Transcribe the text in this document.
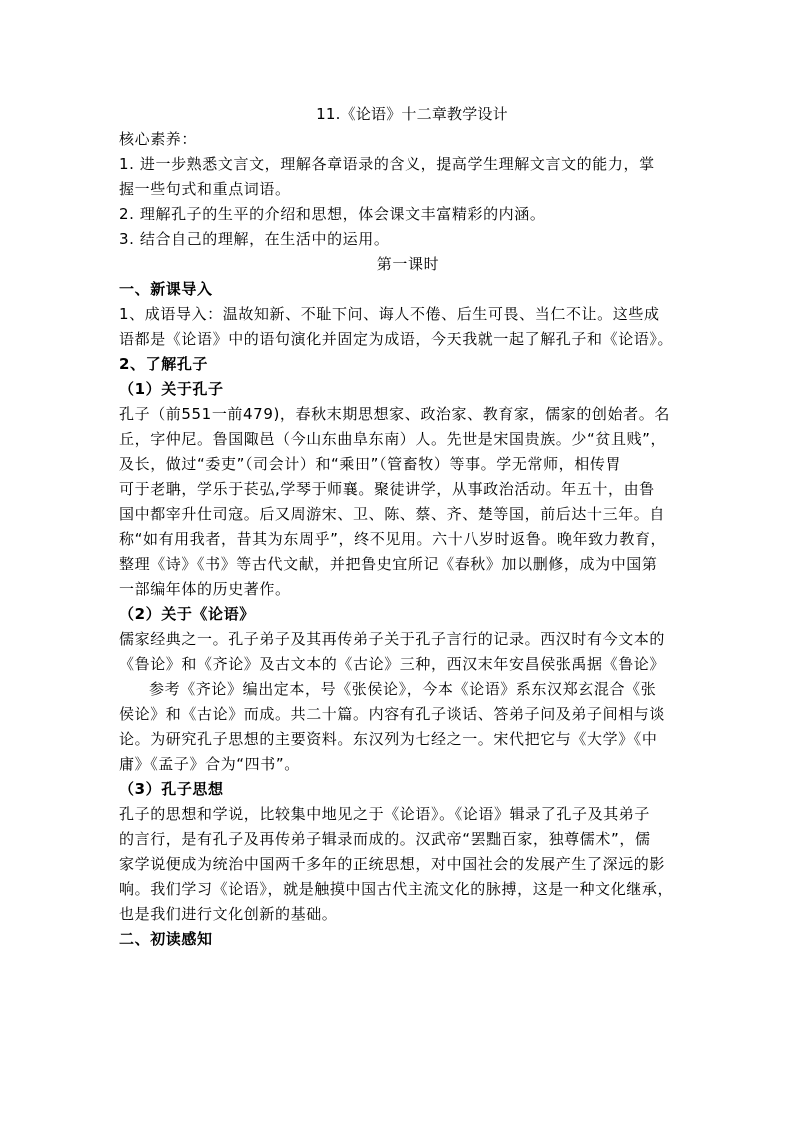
11.《论语》十二章教学设计
核心素养：
1. 进一步熟悉文言文，理解各章语录的含义，提高学生理解文言文的能力，掌
握一些句式和重点词语。
2. 理解孔子的生平的介绍和思想，体会课文丰富精彩的内涵。
3. 结合自己的理解，在生活中的运用。
第一课时
一、新课导入
1、成语导入：温故知新、不耻下问、诲人不倦、后生可畏、当仁不让。这些成
语都是《论语》中的语句演化并固定为成语，今天我就一起了解孔子和《论语》。
2、了解孔子
（1）关于孔子
孔子（前551一前479)，春秋末期思想家、政治家、教育家，儒家的创始者。名
丘，字仲尼。鲁国陬邑（今山东曲阜东南）人。先世是宋国贵族。少“贫且贱”，
及长，做过“委吏”（司会计）和“乘田”（管畜牧）等事。学无常师，相传胃
可于老聃，学乐于苌弘,学琴于师襄。聚徒讲学，从事政治活动。年五十，由鲁
国中都宰升仕司寇。后又周游宋、卫、陈、蔡、齐、楚等国，前后达十三年。自
称“如有用我者，昔其为东周乎”，终不见用。六十八岁时返鲁。晚年致力教育，
整理《诗》《书》等古代文献，并把鲁史宜所记《春秋》加以删修，成为中国第
一部编年体的历史著作。
（2）关于《论语》
儒家经典之一。孔子弟子及其再传弟子关于孔子言行的记录。西汉时有今文本的
《鲁论》和《齐论》及古文本的《古论》三种，西汉末年安昌侯张禹据《鲁论》
参考《齐论》编出定本，号《张侯论》，今本《论语》系东汉郑玄混合《张
侯论》和《古论》而成。共二十篇。内容有孔子谈话、答弟子问及弟子间相与谈
论。为研究孔子思想的主要资料。东汉列为七经之一。宋代把它与《大学》《中
庸》《孟子》合为“四书”。
（3）孔子思想
孔子的思想和学说，比较集中地见之于《论语》。《论语》辑录了孔子及其弟子
的言行，是有孔子及再传弟子辑录而成的。汉武帝“罢黜百家，独尊儒术”，儒
家学说便成为统治中国两千多年的正统思想，对中国社会的发展产生了深远的影
响。我们学习《论语》，就是触摸中国古代主流文化的脉搏，这是一种文化继承，
也是我们进行文化创新的基础。
二、初读感知
